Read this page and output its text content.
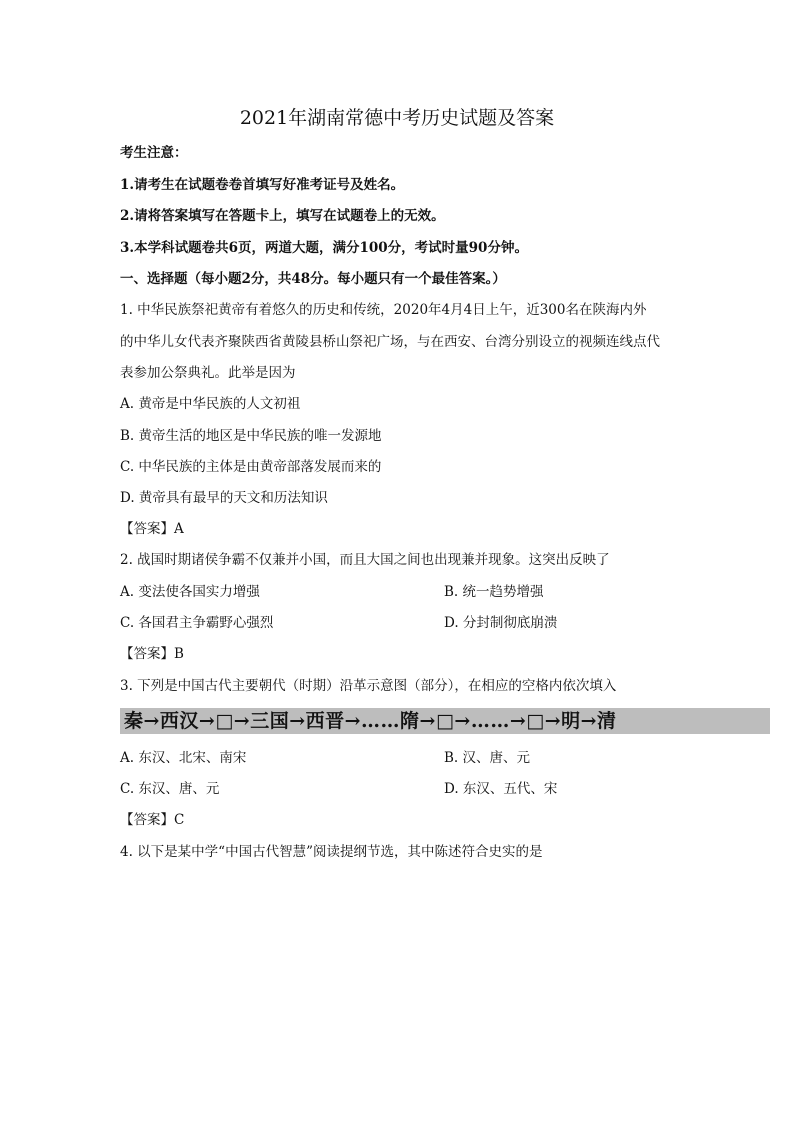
2021年湖南常德中考历史试题及答案
考生注意：
1.请考生在试题卷卷首填写好准考证号及姓名。
2.请将答案填写在答题卡上，填写在试题卷上的无效。
3.本学科试题卷共6页，两道大题，满分100分，考试时量90分钟。
一、选择题（每小题2分，共48分。每小题只有一个最佳答案。）
1. 中华民族祭祀黄帝有着悠久的历史和传统，2020年4月4日上午，近300名在陕海内外
的中华儿女代表齐聚陕西省黄陵县桥山祭祀广场，与在西安、台湾分别设立的视频连线点代
表参加公祭典礼。此举是因为
A. 黄帝是中华民族的人文初祖
B. 黄帝生活的地区是中华民族的唯一发源地
C. 中华民族的主体是由黄帝部落发展而来的
D. 黄帝具有最早的天文和历法知识
【答案】A
2. 战国时期诸侯争霸不仅兼并小国，而且大国之间也出现兼并现象。这突出反映了
A. 变法使各国实力增强	B. 统一趋势增强
C. 各国君主争霸野心强烈	D. 分封制彻底崩溃
【答案】B
3. 下列是中国古代主要朝代（时期）沿革示意图（部分），在相应的空格内依次填入
秦→西汉→□→三国→西晋→……隋→□→……→□→明→清
A. 东汉、北宋、南宋	B. 汉、唐、元
C. 东汉、唐、元	D. 东汉、五代、宋
【答案】C
4. 以下是某中学“中国古代智慧”阅读提纲节选，其中陈述符合史实的是
